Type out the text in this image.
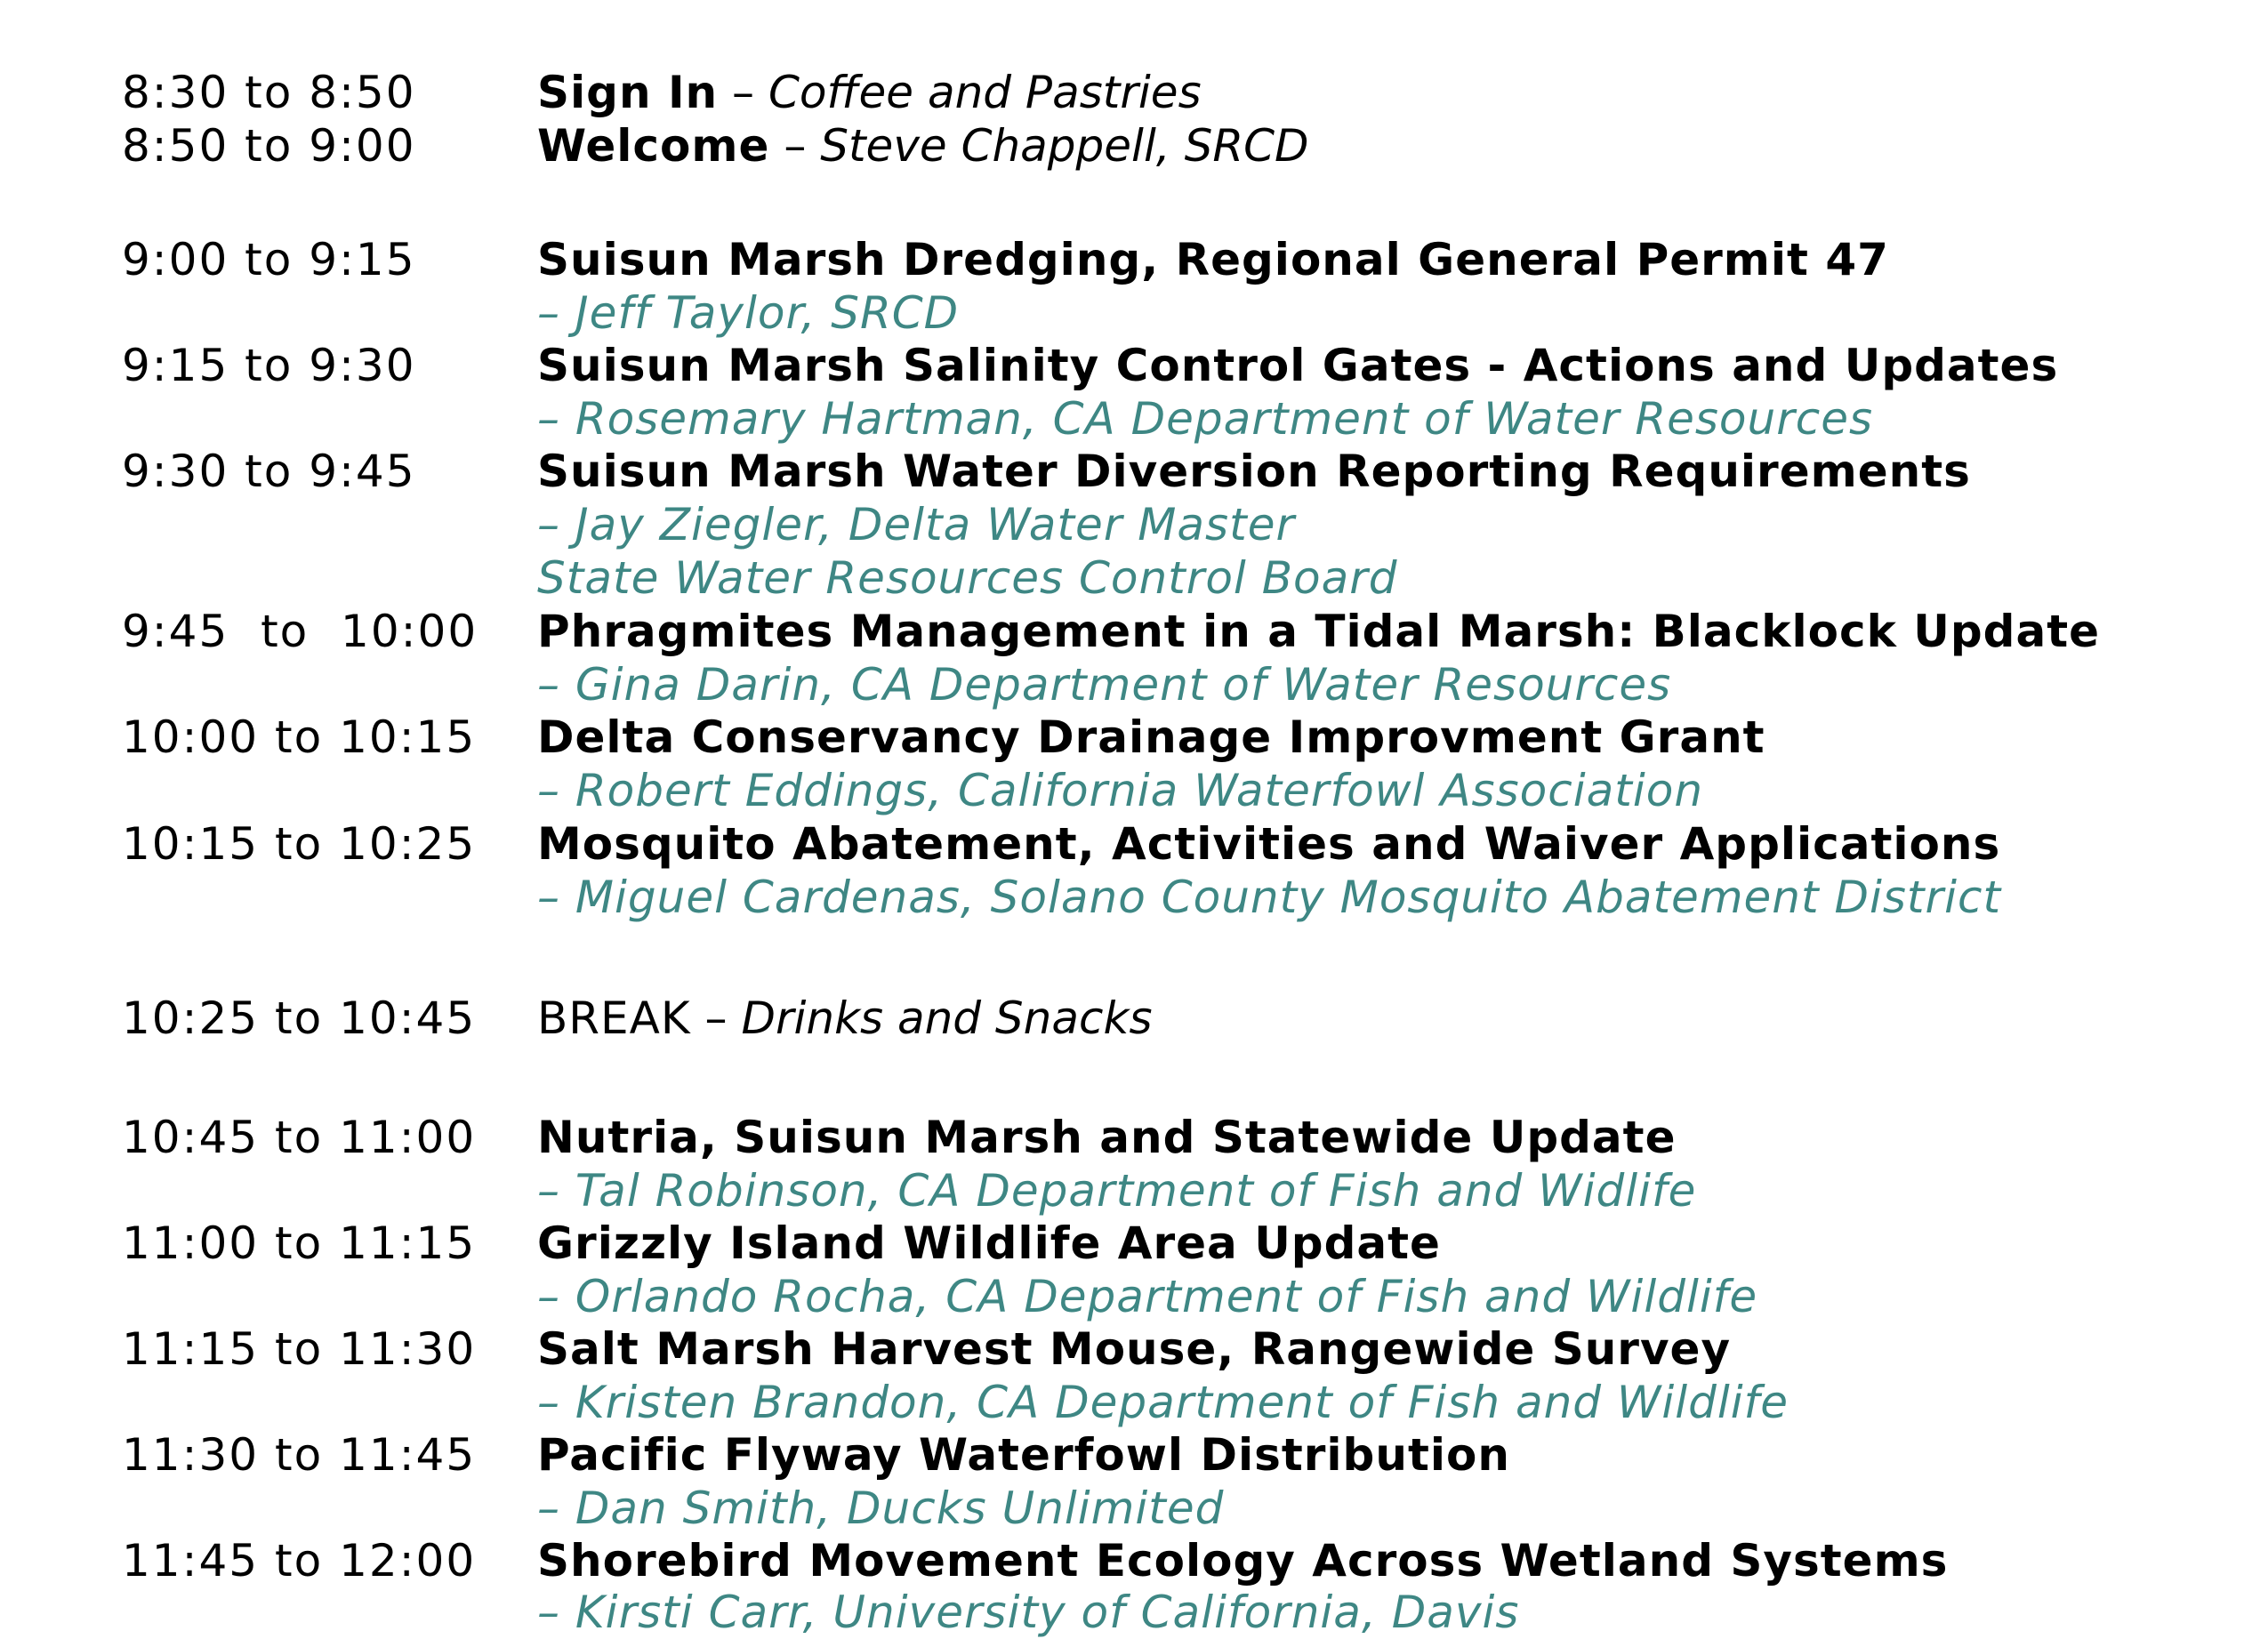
8:30 to 8:50	Sign In – Coffee and Pastries
8:50 to 9:00	Welcome – Steve Chappell, SRCD
9:00 to 9:15	Suisun Marsh Dredging, Regional General Permit 47
– Jeff Taylor, SRCD
9:15 to 9:30	Suisun Marsh Salinity Control Gates - Actions and Updates
– Rosemary Hartman, CA Department of Water Resources
9:30 to 9:45	Suisun Marsh Water Diversion Reporting Requirements
– Jay Ziegler, Delta Water Master
State Water Resources Control Board
9:45  to  10:00 Phragmites Management in a Tidal Marsh: Blacklock Update
– Gina Darin, CA Department of Water Resources
10:00 to 10:15 Delta Conservancy Drainage Improvment Grant
– Robert Eddings, California Waterfowl Association
10:15 to 10:25 Mosquito Abatement, Activities and Waiver Applications
– Miguel Cardenas, Solano County Mosquito Abatement District
10:25 to 10:45 BREAK – Drinks and Snacks
10:45 to 11:00 Nutria, Suisun Marsh and Statewide Update
– Tal Robinson, CA Department of Fish and Widlife
11:00 to 11:15 Grizzly Island Wildlife Area Update
– Orlando Rocha, CA Department of Fish and Wildlife
11:15 to 11:30 Salt Marsh Harvest Mouse, Rangewide Survey
– Kristen Brandon, CA Department of Fish and Wildlife
11:30 to 11:45 Pacific Flyway Waterfowl Distribution
– Dan Smith, Ducks Unlimited
11:45 to 12:00 Shorebird Movement Ecology Across Wetland Systems
– Kirsti Carr, University of California, Davis
